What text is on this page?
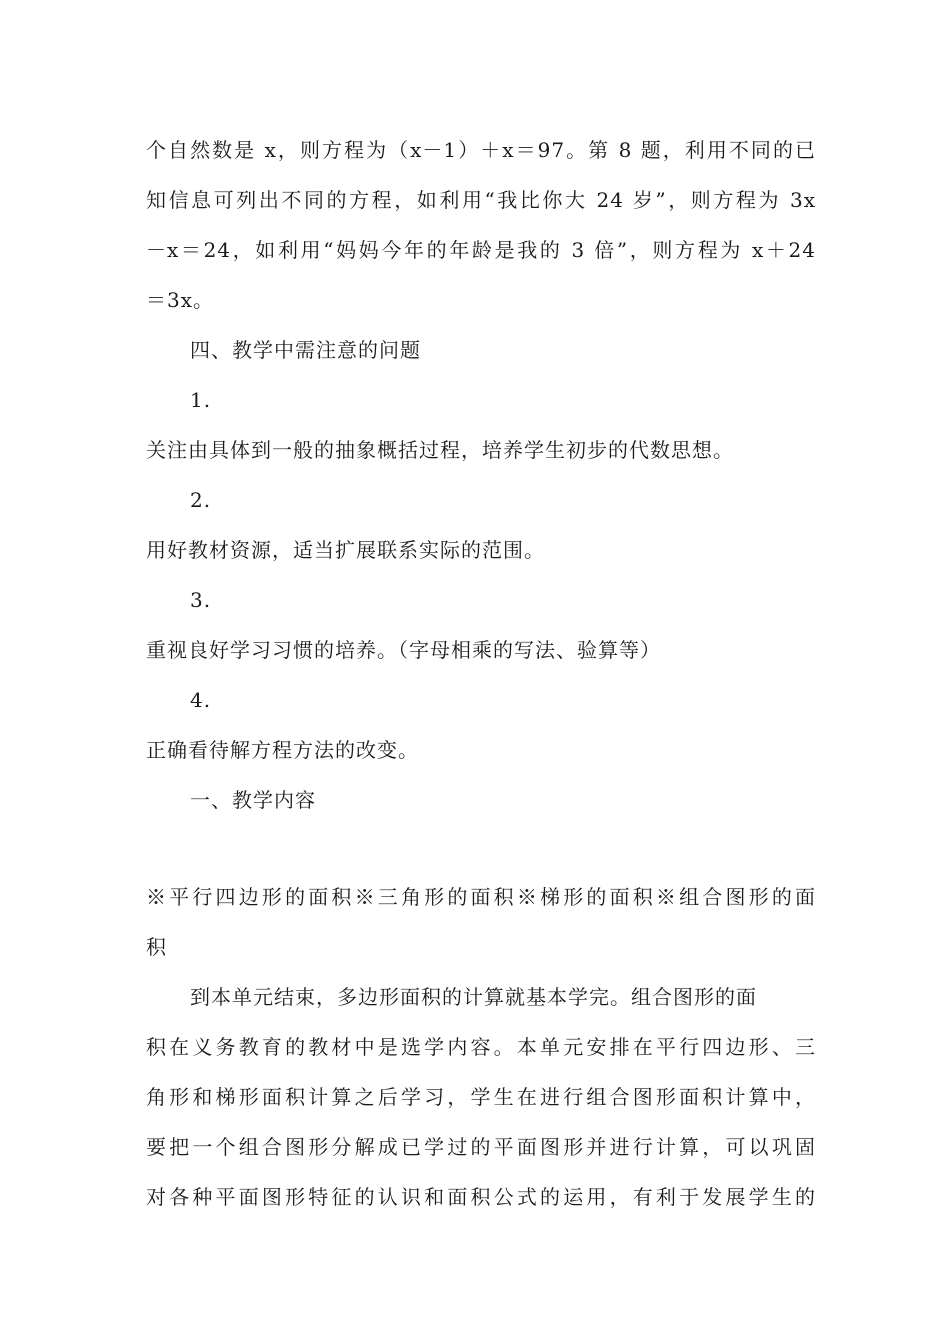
个自然数是 x，则方程为（x－1）＋x＝97。第 8 题，利用不同的已
知信息可列出不同的方程，如利用“我比你大 24 岁”，则方程为 3x
－x＝24，如利用“妈妈今年的年龄是我的 3 倍”，则方程为 x＋24
＝3x。
四、教学中需注意的问题
1.
关注由具体到一般的抽象概括过程，培养学生初步的代数思想。
2.
用好教材资源，适当扩展联系实际的范围。
3.
重视良好学习习惯的培养。（字母相乘的写法、验算等）
4.
正确看待解方程方法的改变。
一、教学内容
※平行四边形的面积※三角形的面积※梯形的面积※组合图形的面
积
到本单元结束，多边形面积的计算就基本学完。组合图形的面
积在义务教育的教材中是选学内容。本单元安排在平行四边形、三
角形和梯形面积计算之后学习，学生在进行组合图形面积计算中，
要把一个组合图形分解成已学过的平面图形并进行计算，可以巩固
对各种平面图形特征的认识和面积公式的运用，有利于发展学生的
